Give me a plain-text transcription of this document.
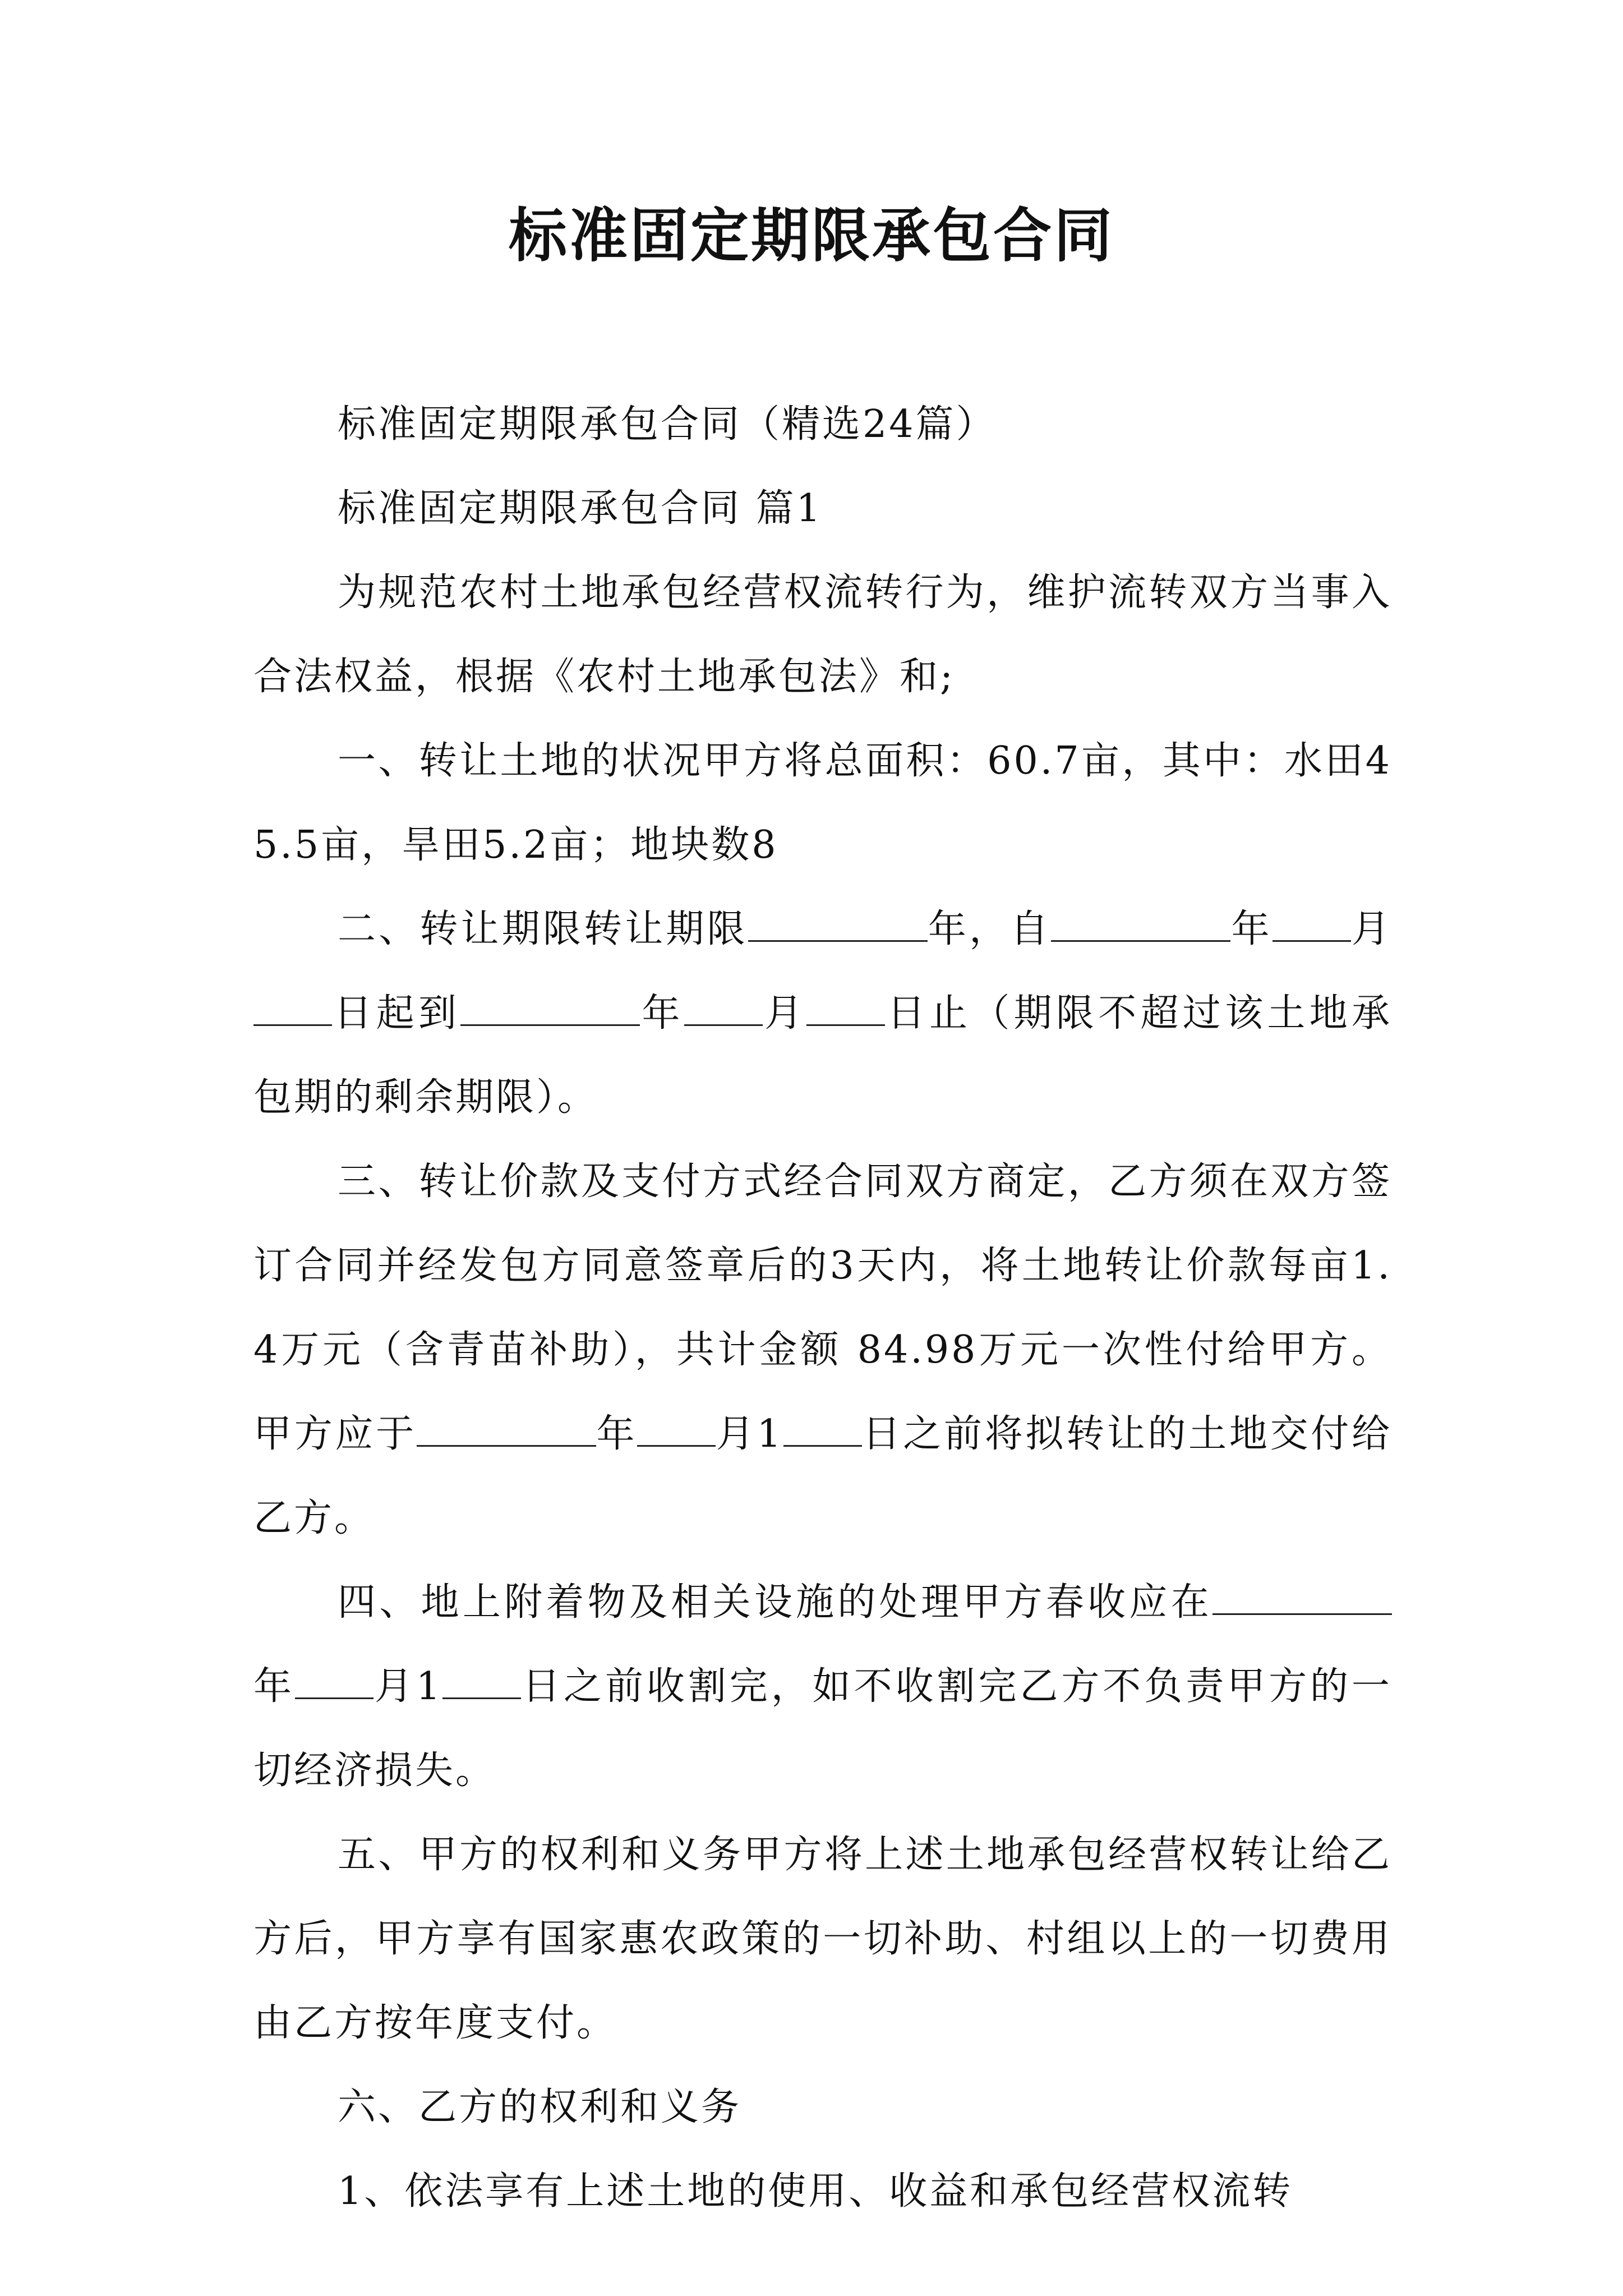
标准固定期限承包合同

标准固定期限承包合同（精选24篇）

标准固定期限承包合同 篇1

为规范农村土地承包经营权流转行为，维护流转双方当事入合法权益，根据《农村土地承包法》和;

一、转让土地的状况甲方将总面积：60.7亩，其中：水田45.5亩，旱田5.2亩；地块数8

二、转让期限转让期限	年，自	年 月日起到	年 月 日止（期限不超过该土地承包期的剩余期限）。

三、转让价款及支付方式经合同双方商定，乙方须在双方签订合同并经发包方同意签章后的3天内，将土地转让价款每亩1.4万元（含青苗补助），共计金额 84.98万元一次性付给甲方。甲方应于	年 月1 日之前将拟转让的土地交付给乙方。

四、地上附着物及相关设施的处理甲方春收应在年 月1 日之前收割完，如不收割完乙方不负责甲方的一切经济损失。

五、甲方的权利和义务甲方将上述土地承包经营权转让给乙方后，甲方享有国家惠农政策的一切补助、村组以上的一切费用由乙方按年度支付。

六、乙方的权利和义务

1、依法享有上述土地的使用、收益和承包经营权流转
